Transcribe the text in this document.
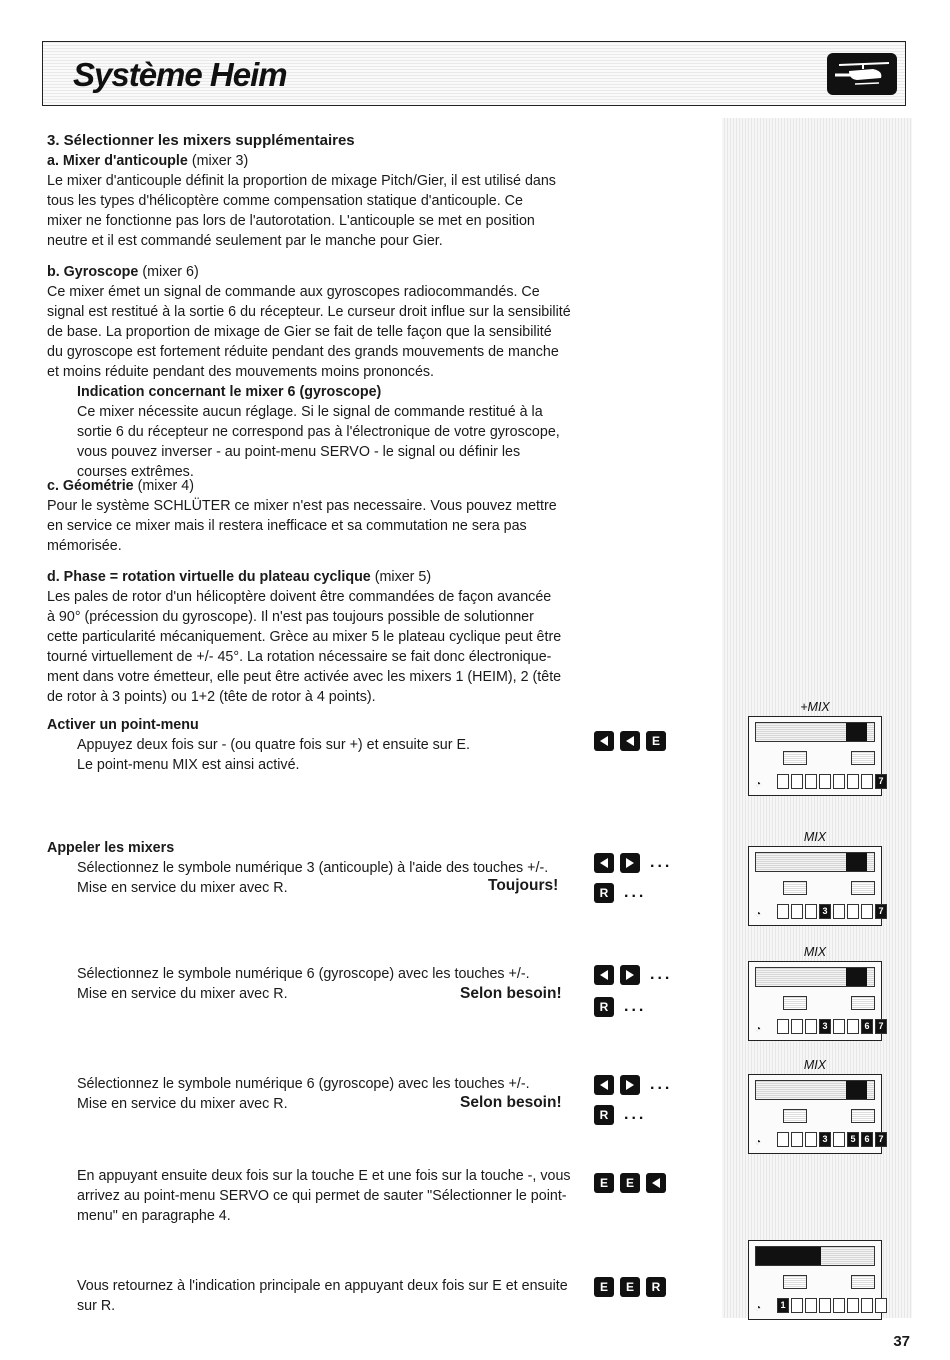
Système Heim
3. Sélectionner les mixers supplémentaires
a. Mixer d'anticouple (mixer 3)
Le mixer d'anticouple définit la proportion de mixage Pitch/Gier, il est utilisé dans
tous les types d'hélicoptère comme compensation statique d'anticouple. Ce
mixer ne fonctionne pas lors de l'autorotation. L'anticouple se met en position
neutre et il est commandé seulement par le manche pour Gier.
b. Gyroscope (mixer 6)
Ce mixer émet un signal de commande aux gyroscopes radiocommandés. Ce
signal est restitué à la sortie 6 du récepteur. Le curseur droit influe sur la sensibilité
de base. La proportion de mixage de Gier se fait de telle façon que la sensibilité
du gyroscope est fortement réduite pendant des grands mouvements de manche
et moins réduite pendant des mouvements moins prononcés.
Indication concernant le mixer 6 (gyroscope)
Ce mixer nécessite aucun réglage. Si le signal de commande restitué à la
sortie 6 du récepteur ne correspond pas à l'électronique de votre gyroscope,
vous pouvez inverser - au point-menu SERVO - le signal ou définir les
courses extrêmes.
c. Géométrie (mixer 4)
Pour le système SCHLÜTER ce mixer n'est pas necessaire. Vous pouvez mettre
en service ce mixer mais il restera inefficace et sa commutation ne sera pas
mémorisée.
d. Phase = rotation virtuelle du plateau cyclique (mixer 5)
Les pales de rotor d'un hélicoptère doivent être commandées de façon avancée
à 90° (précession du gyroscope). Il n'est pas toujours possible de solutionner
cette particularité mécaniquement. Grèce au mixer 5 le plateau cyclique peut être
tourné virtuellement de +/- 45°. La rotation nécessaire se fait donc électronique-
ment dans votre émetteur, elle peut être activée avec les mixers 1 (HEIM), 2 (tête
de rotor à 3 points) ou 1+2 (tête de rotor à 4 points).
Activer un point-menu
Appuyez deux fois sur - (ou quatre fois sur +) et ensuite sur E.
Le point-menu MIX est ainsi activé.
E
Appeler les mixers
Sélectionnez le symbole numérique 3 (anticouple) à l'aide des touches +/-.
Mise en service du mixer avec R.	Toujours!
...
R ...
Sélectionnez le symbole numérique 6 (gyroscope) avec les touches +/-.
Mise en service du mixer avec R.	Selon besoin!
...
R ...
Sélectionnez le symbole numérique 6 (gyroscope) avec les touches +/-.
Mise en service du mixer avec R.	Selon besoin!
...
R ...
En appuyant ensuite deux fois sur la touche E et une fois sur la touche -, vous
arrivez au point-menu SERVO ce qui permet de sauter "Sélectionner le point-
menu" en paragraphe 4.
E	E
Vous retournez à l'indication principale en appuyant deux fois sur E et ensuite
sur R.
E	E	R
+MIX
◔	7
MIX
◔	3	7
MIX
◔	3	6 7
MIX
◔	3	5 6 7
◔	1
37
